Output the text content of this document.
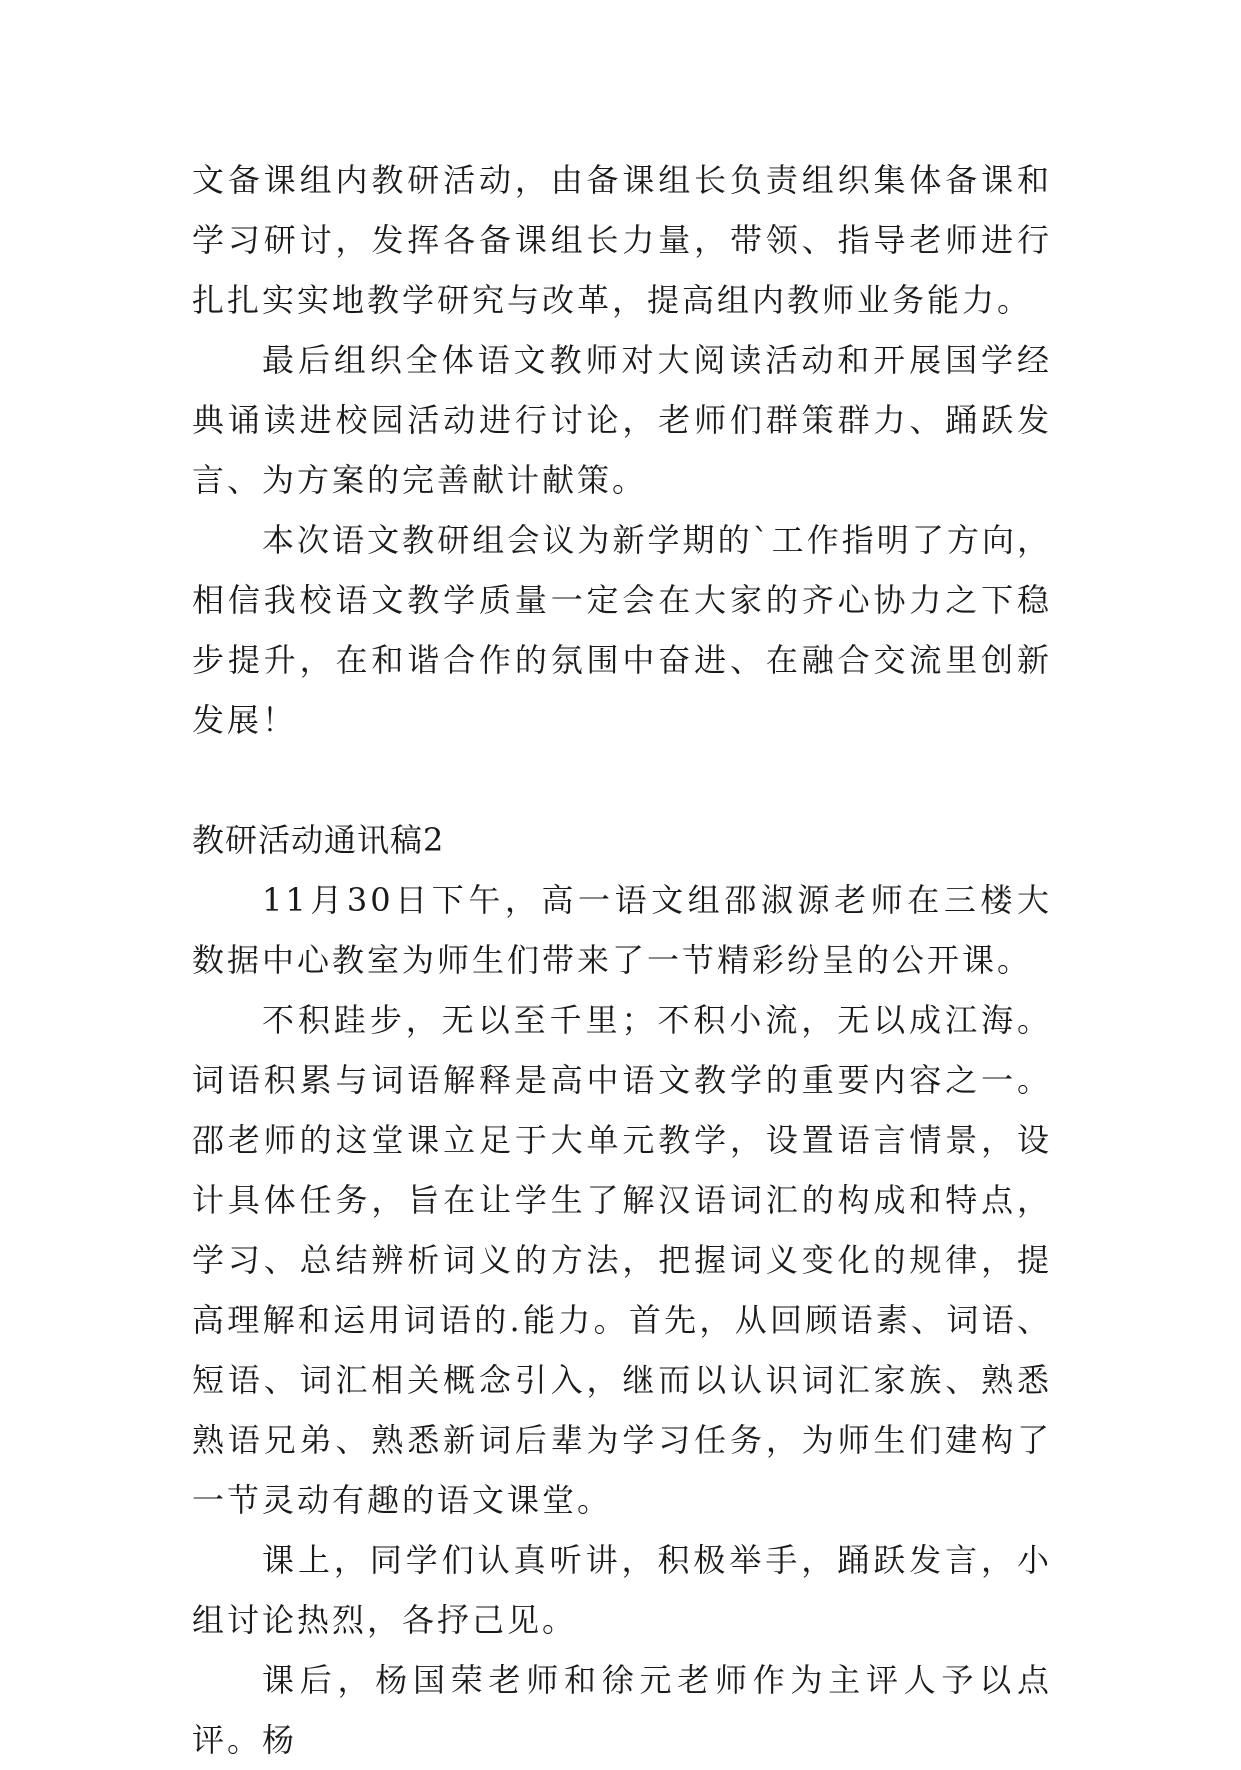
文备课组内教研活动，由备课组长负责组织集体备课和学习研讨，发挥各备课组长力量，带领、指导老师进行扎扎实实地教学研究与改革，提高组内教师业务能力。

最后组织全体语文教师对大阅读活动和开展国学经典诵读进校园活动进行讨论，老师们群策群力、踊跃发言、为方案的完善献计献策。

本次语文教研组会议为新学期的`工作指明了方向，相信我校语文教学质量一定会在大家的齐心协力之下稳步提升，在和谐合作的氛围中奋进、在融合交流里创新发展！

教研活动通讯稿2

11月30日下午，高一语文组邵淑源老师在三楼大数据中心教室为师生们带来了一节精彩纷呈的公开课。

不积跬步，无以至千里；不积小流，无以成江海。词语积累与词语解释是高中语文教学的重要内容之一。邵老师的这堂课立足于大单元教学，设置语言情景，设计具体任务，旨在让学生了解汉语词汇的构成和特点，学习、总结辨析词义的方法，把握词义变化的规律，提高理解和运用词语的.能力。首先，从回顾语素、词语、短语、词汇相关概念引入，继而以认识词汇家族、熟悉熟语兄弟、熟悉新词后辈为学习任务，为师生们建构了一节灵动有趣的语文课堂。

课上，同学们认真听讲，积极举手，踊跃发言，小组讨论热烈，各抒己见。

课后，杨国荣老师和徐元老师作为主评人予以点评。杨
